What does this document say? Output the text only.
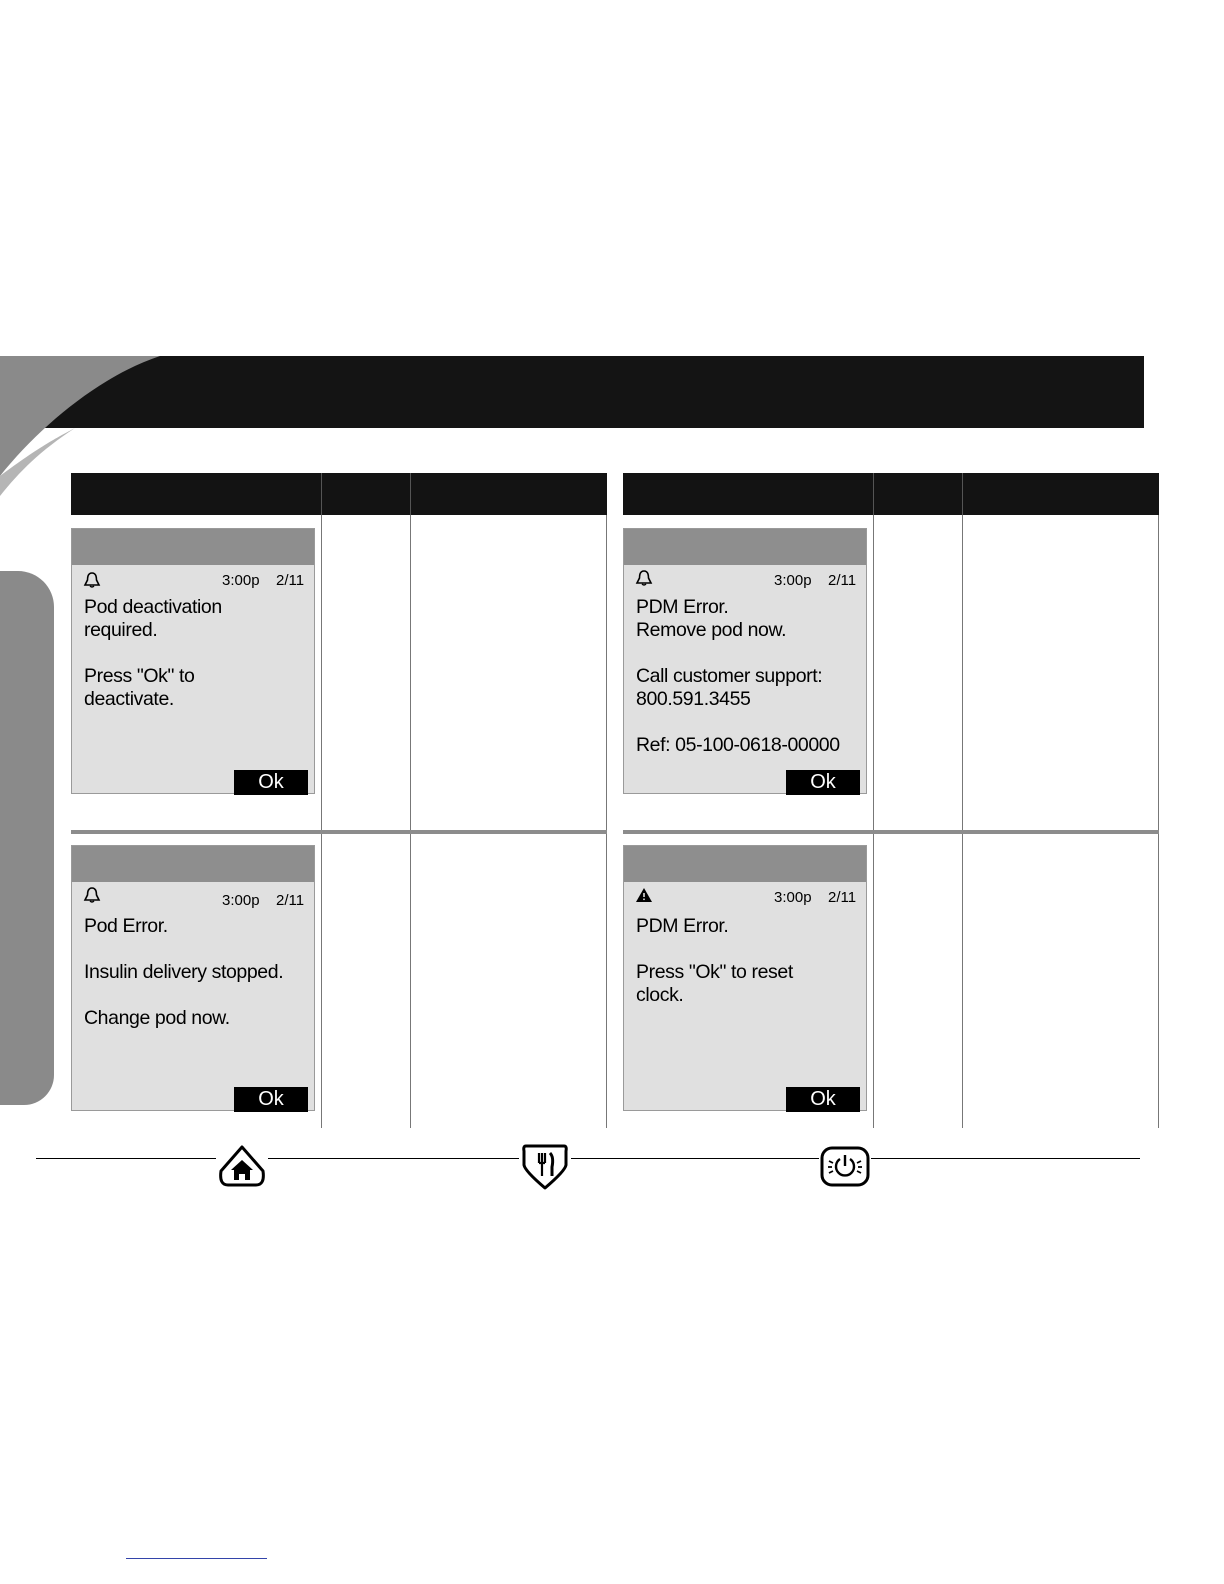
3:00p 2/11
Pod deactivation
required.
Press "Ok" to
deactivate.
Ok
3:00p 2/11
Pod Error.
Insulin delivery stopped.
Change pod now.
Ok
3:00p 2/11
PDM Error.
Remove pod now.
Call customer support:
800.591.3455
Ref: 05-100-0618-00000
Ok
3:00p 2/11
PDM Error.
Press "Ok" to reset
clock.
Ok
